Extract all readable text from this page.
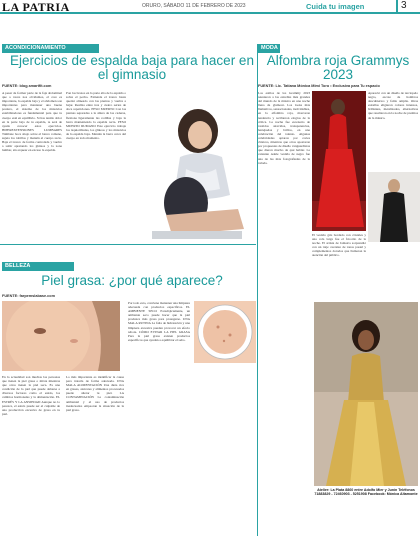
LA PATRIA	ORURO, SÁBADO 11 DE FEBRERO DE 2023	Cuida tu imagen	3
ACONDICIONAMIENTO
Ejercicios de espalda baja para hacer en el gimnasio
FUENTE: blog.smartfit.com
A pesar de formar parte de la faja abdominal que a veces nos olvidamos, el core es importante, la espalda baja y el abdomen son importantes para mantener una buena postura, el sistema de los músculos estabilizadores es fundamental para que tu cuerpo esté en equilibrio. Si has tenido dolor en la parte baja de tu espalda, te será de ayuda conocer estos ejercicios. HIPEREXTENSIONES LUMBARES Túmbate boca abajo sobre el banco romano, sujeta los tobillos y mantén el cuerpo recto. Baja el tronco de forma controlada y vuelve a subir apretando los glúteos y la zona lumbar, sin arquear en exceso la espalda.
Pon los brazos en la parte alta de la espalda o sobre el pecho. Extiende el tronco hasta quedar alineado con las piernas y vuelve a bajar. Realiza entre tres y cuatro series de doce repeticiones. PESO MUERTO Con las piernas separadas a la altura de las caderas, flexiona ligeramente las rodillas y baja la barra manteniendo la espalda recta. PESO MUERTO RUMANO Este ejercicio trabaja los isquiotibiales, los glúteos y los músculos de la espalda baja. Mantén la barra cerca del cuerpo en todo momento.
BELLEZA
Piel grasa: ¿por qué aparece?
FUENTE: farpemslabase.com
En la actualidad son muchas las personas que tienen la piel grasa o mixta mientras que otros tienen la piel seca. Es una condición de la piel que puede deberse a diversos factores como el estrés, los cambios hormonales y la alimentación. EL ESTRÉS Y LA ANSIEDAD Aunque no lo parezca, el estrés puede ser el culpable de una producción excesiva de grasa en tu piel.
Lo más importante es identificar la causa para tratarla de forma adecuada. UNA MALA ALIMENTACIÓN Una dieta rica en grasas, azúcares y alimentos procesados puede alterar tu piel. LA CONTAMINACIÓN La contaminación ambiental y el uso de productos inadecuados empeoran la situación de la piel grasa.
Por todo esto, conviene mantener una limpieza adecuada con productos específicos. EL AMBIENTE SECO Paradójicamente, un ambiente seco puede hacer que la piel produzca más grasa para protegerse. UNA MALA RUTINA La falta de hidratación y una limpieza excesiva pueden provocar un efecto rebote. CÓMO EVITAR LA PIEL GRASA Para la piel grasa existen productos específicos que ayudan a equilibrar el sebo.
MODA
Alfombra roja Grammys 2023
FUENTE: Lic. Tatiana Mónica Mimi Toro • Exclusiva para Tu espacio
Los estilos de los Grammy 2023 reunieron a las estrellas más grandes del mundo de la música en una noche llena de glamour. Los looks más llamativos, sensacionales, inolvidables, en la alfombra roja, marcaron tendencia y recibieron elogios de la crítica. La noche fue escenario de vestidos atrevidos, transparencias, lentejuelas y brillos, en una celebración del talento. Algunas celebridades optaron por cortes clásicos, mientras que otros apostaron por propuestas de diseño vanguardistas que dieron mucho de qué hablar. La cantante Adele vestida de negro fue una de las más fotografiadas de la velada.
Apareció con un diseño de terciopelo negro, escote de hombros descubiertos y falda amplia. Otras estrellas eligieron colores intensos, brillantes, metalizados, alternativas que resaltaron en la noche de premios de la música.
El vestido gris bordado con cristales y una cola larga fue el favorito de la noche. El artista de Jamaica sorprendió con un traje oversize de tonos pastel y complementos dorados que llamaron la atención del público.
Atelier: La Plata 8860 entre Adolfo Mier y Junín Teléfonos 71883829 - 72460903 - 5251908 Facebook: Mónica Altamonte
